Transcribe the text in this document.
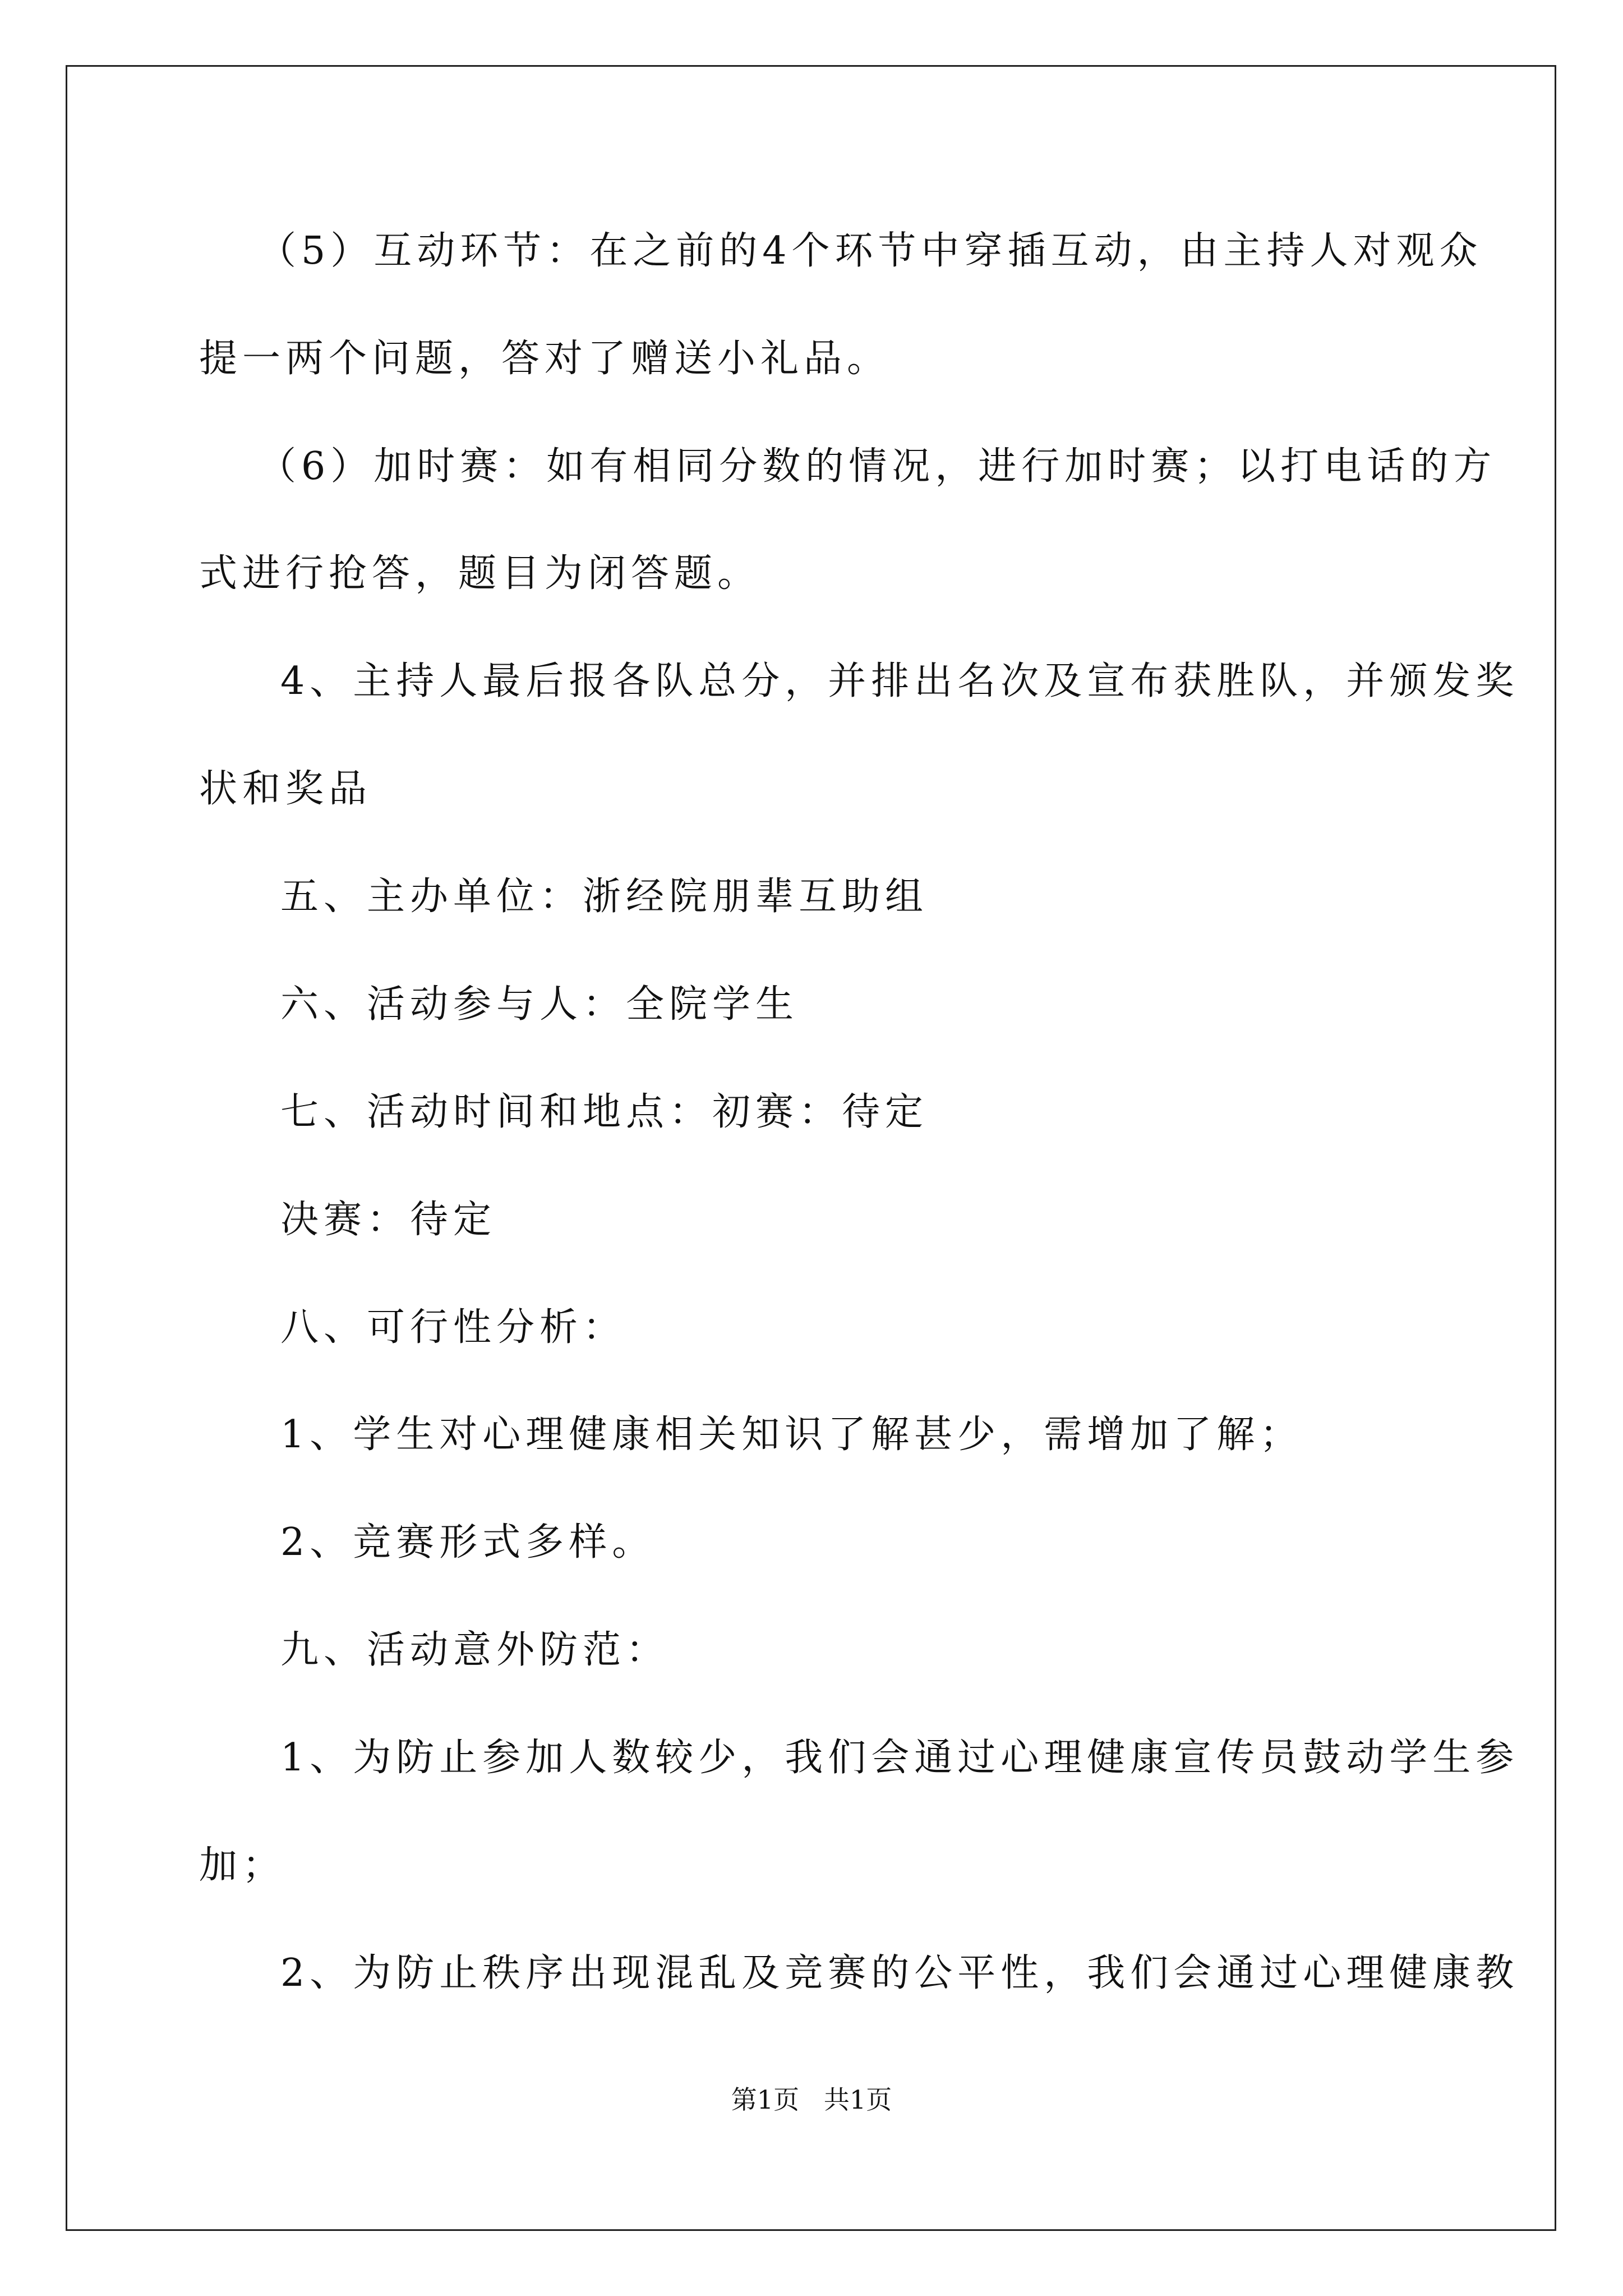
（5）互动环节：在之前的4个环节中穿插互动，由主持人对观众

提一两个问题，答对了赠送小礼品。

（6）加时赛：如有相同分数的情况，进行加时赛；以打电话的方

式进行抢答，题目为闭答题。

4、主持人最后报各队总分，并排出名次及宣布获胜队，并颁发奖

状和奖品

五、主办单位：浙经院朋辈互助组

六、活动参与人：全院学生

七、活动时间和地点：初赛：待定

决赛：待定

八、可行性分析：

1、学生对心理健康相关知识了解甚少，需增加了解；

2、竞赛形式多样。

九、活动意外防范：

1、为防止参加人数较少，我们会通过心理健康宣传员鼓动学生参

加；

2、为防止秩序出现混乱及竞赛的公平性，我们会通过心理健康教

第1页   共1页
